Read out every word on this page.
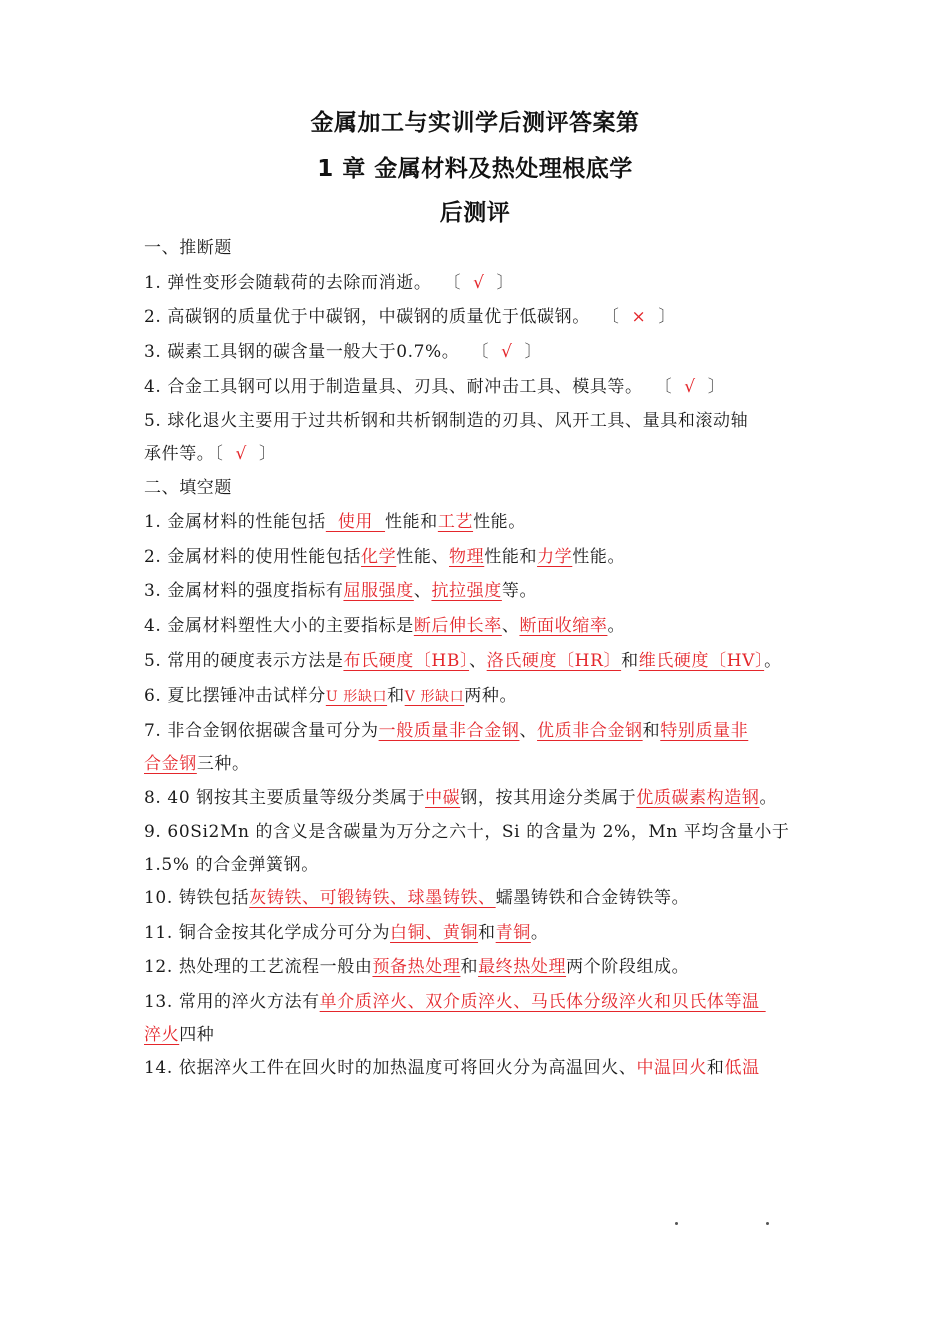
金属加工与实训学后测评答案第
1 章 金属材料及热处理根底学
后测评
一、推断题
1. 弹性变形会随载荷的去除而消逝。 〔 √ 〕
2. 高碳钢的质量优于中碳钢，中碳钢的质量优于低碳钢。 〔 × 〕
3. 碳素工具钢的碳含量一般大于0.7%。 〔 √ 〕
4. 合金工具钢可以用于制造量具、刃具、耐冲击工具、模具等。 〔 √ 〕
5. 球化退火主要用于过共析钢和共析钢制造的刃具、风开工具、量具和滚动轴
承件等。〔 √ 〕
二、填空题
1. 金属材料的性能包括  使用  性能和工艺性能。
2. 金属材料的使用性能包括化学性能、物理性能和力学性能。
3. 金属材料的强度指标有屈服强度、抗拉强度等。
4. 金属材料塑性大小的主要指标是断后伸长率、断面收缩率。
5. 常用的硬度表示方法是布氏硬度〔HB〕、洛氏硬度〔HR〕和维氏硬度〔HV〕。
6. 夏比摆锤冲击试样分U 形缺口和V 形缺口两种。
7. 非合金钢依据碳含量可分为一般质量非合金钢、优质非合金钢和特别质量非
合金钢三种。
8. 40 钢按其主要质量等级分类属于中碳钢，按其用途分类属于优质碳素构造钢。
9. 60Si2Mn 的含义是含碳量为万分之六十，Si 的含量为 2%，Mn 平均含量小于
1.5% 的合金弹簧钢。
10. 铸铁包括灰铸铁、可锻铸铁、球墨铸铁、蠕墨铸铁和合金铸铁等。
11. 铜合金按其化学成分可分为白铜、黄铜和青铜。
12. 热处理的工艺流程一般由预备热处理和最终热处理两个阶段组成。
13. 常用的淬火方法有单介质淬火、双介质淬火、马氏体分级淬火和贝氏体等温
淬火四种
14. 依据淬火工件在回火时的加热温度可将回火分为高温回火、中温回火和低温
